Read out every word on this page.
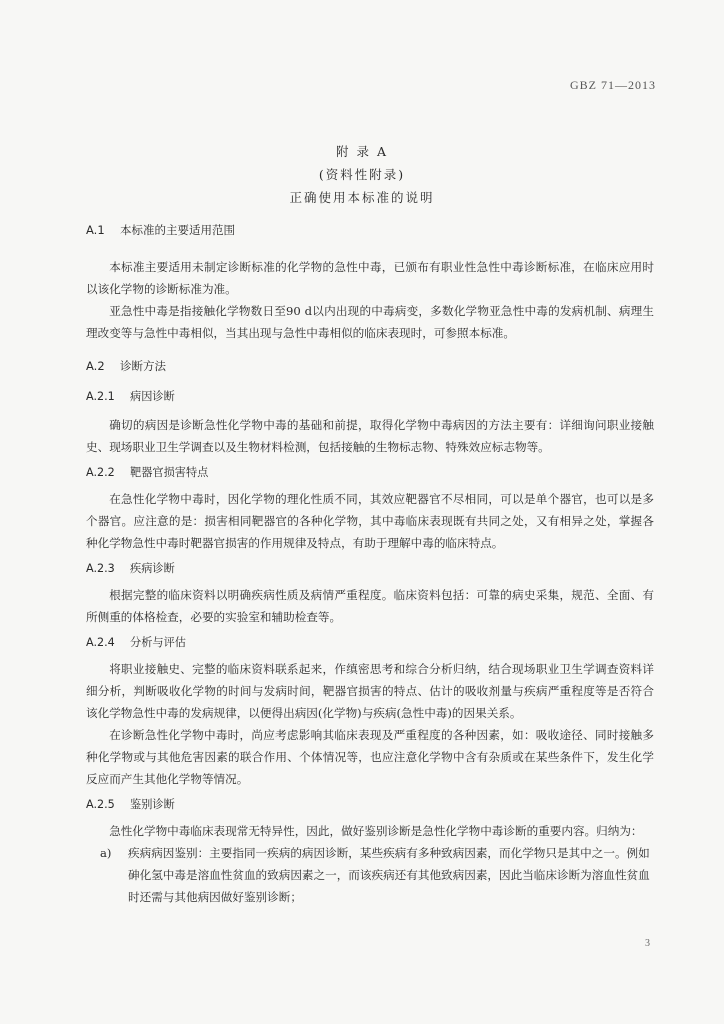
GBZ 71—2013
附 录 A
(资料性附录)
正确使用本标准的说明
A.1 本标准的主要适用范围

本标准主要适用未制定诊断标准的化学物的急性中毒，已颁布有职业性急性中毒诊断标准，在临床应用时以该化学物的诊断标准为准。

亚急性中毒是指接触化学物数日至90 d以内出现的中毒病变，多数化学物亚急性中毒的发病机制、病理生理改变等与急性中毒相似，当其出现与急性中毒相似的临床表现时，可参照本标准。

A.2 诊断方法
A.2.1 病因诊断

确切的病因是诊断急性化学物中毒的基础和前提，取得化学物中毒病因的方法主要有：详细询问职业接触史、现场职业卫生学调查以及生物材料检测，包括接触的生物标志物、特殊效应标志物等。

A.2.2 靶器官损害特点

在急性化学物中毒时，因化学物的理化性质不同，其效应靶器官不尽相同，可以是单个器官，也可以是多个器官。应注意的是：损害相同靶器官的各种化学物，其中毒临床表现既有共同之处，又有相异之处，掌握各种化学物急性中毒时靶器官损害的作用规律及特点，有助于理解中毒的临床特点。

A.2.3 疾病诊断

根据完整的临床资料以明确疾病性质及病情严重程度。临床资料包括：可靠的病史采集，规范、全面、有所侧重的体格检查，必要的实验室和辅助检查等。

A.2.4 分析与评估

将职业接触史、完整的临床资料联系起来，作缜密思考和综合分析归纳，结合现场职业卫生学调查资料详细分析，判断吸收化学物的时间与发病时间，靶器官损害的特点、估计的吸收剂量与疾病严重程度等是否符合该化学物急性中毒的发病规律，以便得出病因(化学物)与疾病(急性中毒)的因果关系。

在诊断急性化学物中毒时，尚应考虑影响其临床表现及严重程度的各种因素，如：吸收途径、同时接触多种化学物或与其他危害因素的联合作用、个体情况等，也应注意化学物中含有杂质或在某些条件下，发生化学反应而产生其他化学物等情况。

A.2.5 鉴别诊断

急性化学物中毒临床表现常无特异性，因此，做好鉴别诊断是急性化学物中毒诊断的重要内容。归纳为：

a) 疾病病因鉴别：主要指同一疾病的病因诊断，某些疾病有多种致病因素，而化学物只是其中之一。例如砷化氢中毒是溶血性贫血的致病因素之一，而该疾病还有其他致病因素，因此当临床诊断为溶血性贫血时还需与其他病因做好鉴别诊断；
3
